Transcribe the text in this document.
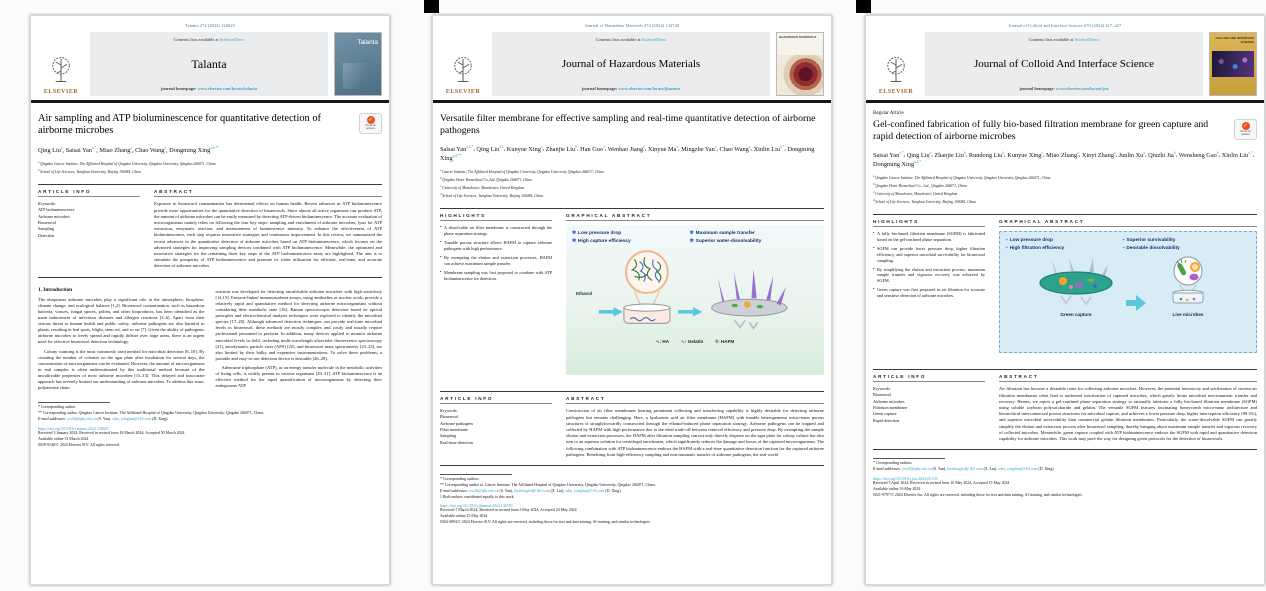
Talanta 274 (2024) 126025
ELSEVIER
Contents lists available at ScienceDirect
Talanta
journal homepage: www.elsevier.com/locate/talanta
Talanta
Air sampling and ATP bioluminescence for quantitative detection of airborne microbes
✓
Check for updates
Qing Liu$^a$, Saisai Yan$^{a,*}$, Miao Zhang$^a$, Chao Wang$^a$, Dongming Xing$^{a,b,**}$
$^a$ Qingdao Cancer Institute, The Affiliated Hospital of Qingdao University, Qingdao University, Qingdao 266071, China
$^b$ School of Life Sciences, Tsinghua University, Beijing 100084, China
ARTICLE INFO
Keywords:
ATP bioluminescence
Airborne microbes
Bioaerosol
Sampling
Detection
ABSTRACT
Exposure to bioaerosol contamination has detrimental effects on human health. Recent advances in ATP bioluminescence provide more opportunities for the quantitative detection of bioaerosols. Since almost all active organisms can produce ATP, the amount of airborne microbes can be easily measured by detecting ATP-driven bioluminescence. The accurate evaluation of microorganisms mainly relies on following the four key steps: sampling and enrichment of airborne microbes, lysis for ATP extraction, enzymatic reaction, and measurement of luminescence intensity. To enhance the effectiveness of ATP bioluminescence, each step requires innovative strategies and continuous improvement. In this review, we summarized the recent advances in the quantitative detection of airborne microbes based on ATP bioluminescence, which focuses on the advanced strategies for improving sampling devices combined with ATP bioluminescence. Meanwhile, the optimized and innovative strategies for the remaining three key steps of the ATP bioluminescence assay are highlighted. The aim is to stimulate the prosperity of ATP bioluminescence and promote its wider utilization for efficient, real-time, and accurate detection of airborne microbes.
1. Introduction

The ubiquitous airborne microbes play a significant role in the atmosphere, biosphere, climate change, and ecological balance [1,2]. Bioaerosol contamination, such as hazardous bacteria, viruses, fungal spores, pollen, and other bioproducts, has been identified as the main inducement of infectious diseases and allergen reactions [3–6]. Apart from their serious threat to human health and public safety, airborne pathogens are also harmful to plants, resulting in leaf spots, blight, stem rot, and so on [7]. Given the ability of pathogenic airborne microbes to freely spread and rapidly diffuse over large areas, there is an urgent need for effective bioaerosol detection technology.

Colony counting is the most commonly used method for microbial detection [8–10]. By counting the number of colonies on the agar plate after incubation for several days, the concentration of microorganisms can be evaluated. However, the amount of microorganisms in real samples is often underestimated by this traditional method because of the uncultivable properties of most airborne microbes [11–13]. This delayed and inaccurate approach has severely limited our understanding of airborne microbes. To address this issue, polymerase chain

reaction was developed for detecting uncultivable airborne microbes with high sensitivity [14,15]. Enzyme-linked immunosorbent assays, using antibodies or nucleic acids, provide a relatively rapid and quantitative method for detecting airborne microorganisms without considering their metabolic state [16]. Raman spectroscopic detection based on optical principles and electrochemical analysis techniques were explored to identify the microbial species [17–20]. Although advanced detection techniques can provide real-time microbial levels in bioaerosol, these methods are mostly complex and costly and usually require professional personnel to perform. In addition, many devices applied to monitor airborne microbial levels in field, including multi-wavelength ultraviolet fluorescence spectroscopy [21], aerodynamic particle sizer (APS) [22], and bioaerosol mass spectrometry [23–25], are also limited by their bulky and expensive instrumentations. To solve these problems, a portable and easy-to-use detection device is desirable [26–28].

Adenosine triphosphate (ATP), as an energy transfer molecule in the metabolic activities of living cells, is widely present in various organisms [29–31]. ATP bioluminescence is an effective method for the rapid quantification of microorganisms by detecting their endogenous ATP

* Corresponding author.
** Corresponding author. Qingdao Cancer Institute, The Affiliated Hospital of Qingdao University, Qingdao University, Qingdao 266071, China.
E-mail addresses: yss26@qdu.edu.cn (S. Yan), xdm_tsinghua@163.com (D. Xing).
https://doi.org/10.1016/j.talanta.2024.126025
Received 3 January 2024; Received in revised form 16 March 2024; Accepted 30 March 2024
Available online 31 March 2024
0039-9140/© 2024 Elsevier B.V. All rights reserved.
Journal of Hazardous Materials 474 (2024) 134740
ELSEVIER
Contents lists available at ScienceDirect
Journal of Hazardous Materials
journal homepage: www.elsevier.com/locate/jhazmat
HAZARDOUS MATERIALS
Versatile filter membrane for effective sampling and real-time quantitative detection of airborne pathogens
Saisai Yan$^{a,1,*}$, Qing Liu$^{a,1}$, Kunyue Xing$^c$, Zhanjie Liu$^b$, Han Guo$^a$, Wenhao Jiang$^a$, Xinyue Ma$^a$, Mingzhe Yan$^a$, Chao Wang$^a$, Xinlin Liu$^{a,*}$, Dongming Xing$^{a,d,**}$
$^a$ Cancer Institute, The Affiliated Hospital of Qingdao University, Qingdao University, Qingdao 266071, China
$^b$ Qingdao Haier Biomedical Co.,Ltd, Qingdao 266071, China
$^c$ University of Manchester, Manchester, United Kingdom
$^d$ School of Life Sciences, Tsinghua University, Beijing 100084, China
HIGHLIGHTS
• A dissolvable air filter membrane is constructed through the phase separation strategy.
• Tunable porous structure allows HAFM to capture airborne pathogens with high performance.
• By exempting the elution and extraction processes, HAFM can achieve maximum sample transfer.
• Membrane sampling was first proposed to combine with ATP bioluminescence for detection.
GRAPHICAL ABSTRACT
✾ Low pressure drop	✾ Maximum sample transfer
✾ High capture efficiency	✾ Superior water-dissolvability
Ethanol
∿ : HA	∿ : Gelatin	⬮ : HAFM
ARTICLE INFO
Keywords:
Bioaerosol
Airborne pathogens
Filter membrane
Sampling
Real-time detection
ABSTRACT
Construction of air filter membranes bearing prominent collecting and transferring capability is highly desirable for detecting airborne pathogens but remains challenging. Here, a hyaluronic acid air filter membrane (HAFM) with tunable heterogeneous micro-nano porous structures is straightforwardly constructed through the ethanol-induced phase separation strategy. Airborne pathogens can be trapped and collected by HAFM with high performance due to the ideal trade-off between removal efficiency and pressure drop. By exempting the sample elution and extraction processes, the HAFM after filtration sampling can not only directly disperse on the agar plate for colony culture but also turn to an aqueous solution for centrifugal enrichment, which significantly reduces the damage and losses of the captured microorganisms. The following combination with ATP bioluminescence endows the HAFM with a real-time quantitative detection function for the captured airborne pathogens. Benefiting from high-efficiency sampling and non-traumatic transfer of airborne pathogens, the real-world
* Corresponding authors.
** Corresponding author at: Cancer Institute, The Affiliated Hospital of Qingdao University, Qingdao University, Qingdao 266071, China.
E-mail addresses: yss26@qdu.edu.cn (S. Yan), liuxdonglsd@163.com (X. Liu), xdm_tsinghua@163.com (D. Xing).
1 Both authors contributed equally to this work
https://doi.org/10.1016/j.jhazmat.2024.134740
Received 7 March 2024; Received in revised form 3 May 2024; Accepted 24 May 2024
Available online 25 May 2024
0304-3894/© 2024 Elsevier B.V. All rights are reserved, including those for text and data mining, AI training, and similar technologies.
Journal of Colloid and Interface Science 670 (2024) 417–427
ELSEVIER
Contents lists available at ScienceDirect
Journal of Colloid And Interface Science
journal homepage: www.elsevier.com/locate/jcis
COLLOID AND INTERFACE SCIENCE
Regular Article
Gel-confined fabrication of fully bio-based filtration membrane for green capture and rapid detection of airborne microbes
✓
Check for updates
Saisai Yan$^{a,*}$, Qing Liu$^a$, Zhanjie Liu$^b$, Rundong Liu$^b$, Kunyue Xing$^c$, Miao Zhang$^a$, Xinyi Zhang$^a$, Junlin Xu$^a$, Qiuzhi Jia$^b$, Wensheng Gao$^b$, Xinlin Liu$^{a,*}$, Dongming Xing$^{a,d,*}$
$^a$ Qingdao Cancer Institute, The Affiliated Hospital of Qingdao University, Qingdao University, Qingdao 266071, China
$^b$ Qingdao Haier Biomedical Co., Ltd., Qingdao 266071, China
$^c$ University of Manchester, Manchester, United Kingdom
$^d$ School of Life Sciences, Tsinghua University, Beijing 100084, China
HIGHLIGHTS
• A fully bio-based filtration membrane (SGFM) is fabricated based on the gel-confined phase separation.
• SGFM can provide lower pressure drop, higher filtration efficiency, and superior microbial survivability for bioaerosol sampling.
• By simplifying the elution and extraction process, maximum sample transfer and vigorous recovery was achieved by SGFM.
• Green capture was first proposed in air filtration for accurate and sensitive detection of airborne microbes.
GRAPHICAL ABSTRACT
▪ Low pressure drop	▪ Superior survivability
▪ High filtration efficiency	▪ Desirable dissolvability
Green capture	Live microbes
ARTICLE INFO
Keywords:
Bioaerosol
Airborne microbes
Filtration membrane
Green capture
Rapid detection
ABSTRACT
Air filtration has become a desirable route for collecting airborne microbes. However, the potential biotoxicity and sterilization of current air filtration membranes often lead to undesired inactivation of captured microbes, which greatly limits microbial non-traumatic transfer and recovery. Herein, we report a gel-confined phase separation strategy to rationally fabricate a fully bio-based filtration membrane (SGFM) using soluble soybean polysaccharide and gelatin. The versatile SGFM features fascinating honeycomb micro-nano architecture and hierarchical interconnected porous structures for microbial capture, and achieves a lower pressure drop, higher interception efficiency (99.3%), and superior microbial survivability than commercial gelatin filtration membranes. Particularly, the water-dissolvable SGFM can greatly simplify the elution and extraction process after bioaerosol sampling, thereby bringing about maximum sample transfer and vigorous recovery of collected microbes. Meanwhile, green capture coupled with ATP bioluminescence endows the SGFM with rapid and quantitative detection capability for airborne microbes. This work may pave the way for designing green protocols for the detection of bioaerosols.
* Corresponding authors.
E-mail addresses: yss26@qdu.edu.cn (S. Yan), liuxdonglsd@163.com (X. Liu), xdm_tsinghua@163.com (D. Xing).
https://doi.org/10.1016/j.jcis.2024.05.105
Received 3 April 2024; Received in revised form 10 May 2024; Accepted 15 May 2024
Available online 16 May 2024
0021-9797/© 2024 Elsevier Inc. All rights are reserved, including those for text and data mining, AI training, and similar technologies.
